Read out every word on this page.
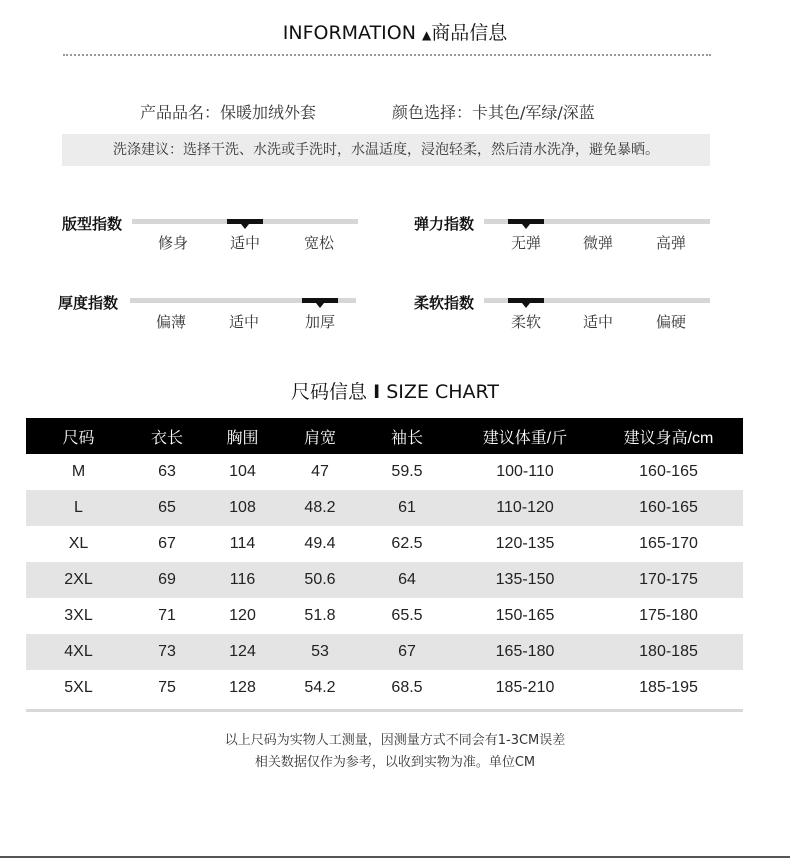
INFORMATION ▲商品信息
产品品名：保暖加绒外套	颜色选择：卡其色/军绿/深蓝
洗涤建议：选择干洗、水洗或手洗时，水温适度，浸泡轻柔，然后清水洗净，避免暴晒。
版型指数
修身	适中	宽松
弹力指数
无弹	微弹	高弹
厚度指数
偏薄	适中	加厚
柔软指数
柔软	适中	偏硬
尺码信息 I SIZE CHART
尺码	衣长	胸围	肩宽	袖长	建议体重/斤	建议身高/cm
M	63	104	47	59.5	100-110	160-165
L	65	108	48.2	61	110-120	160-165
XL	67	114	49.4	62.5	120-135	165-170
2XL	69	116	50.6	64	135-150	170-175
3XL	71	120	51.8	65.5	150-165	175-180
4XL	73	124	53	67	165-180	180-185
5XL	75	128	54.2	68.5	185-210	185-195
以上尺码为实物人工测量，因测量方式不同会有1-3CM误差
相关数据仅作为参考，以收到实物为准。单位CM
